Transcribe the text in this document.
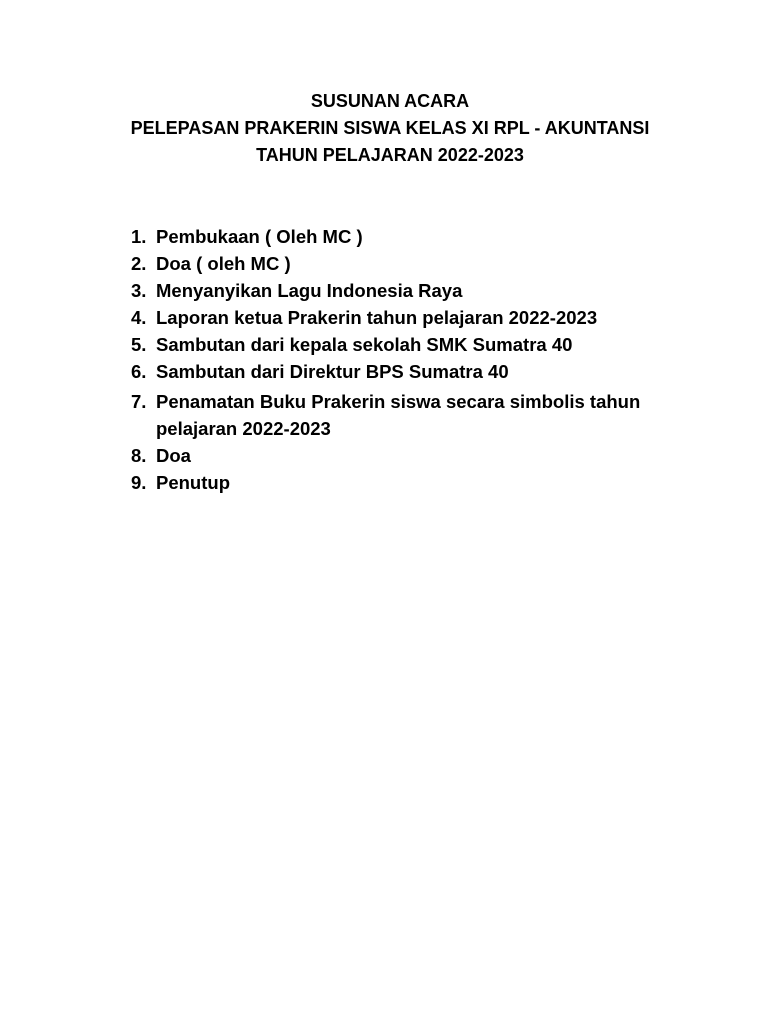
SUSUNAN ACARA
PELEPASAN PRAKERIN SISWA KELAS XI RPL - AKUNTANSI
TAHUN PELAJARAN 2022-2023
1. Pembukaan ( Oleh MC )
2. Doa ( oleh MC )
3. Menyanyikan Lagu Indonesia Raya
4. Laporan ketua Prakerin tahun pelajaran 2022-2023
5. Sambutan dari kepala sekolah SMK Sumatra 40
6. Sambutan dari Direktur BPS Sumatra 40
7. Penamatan Buku Prakerin siswa secara simbolis tahun pelajaran 2022-2023
8. Doa
9. Penutup
